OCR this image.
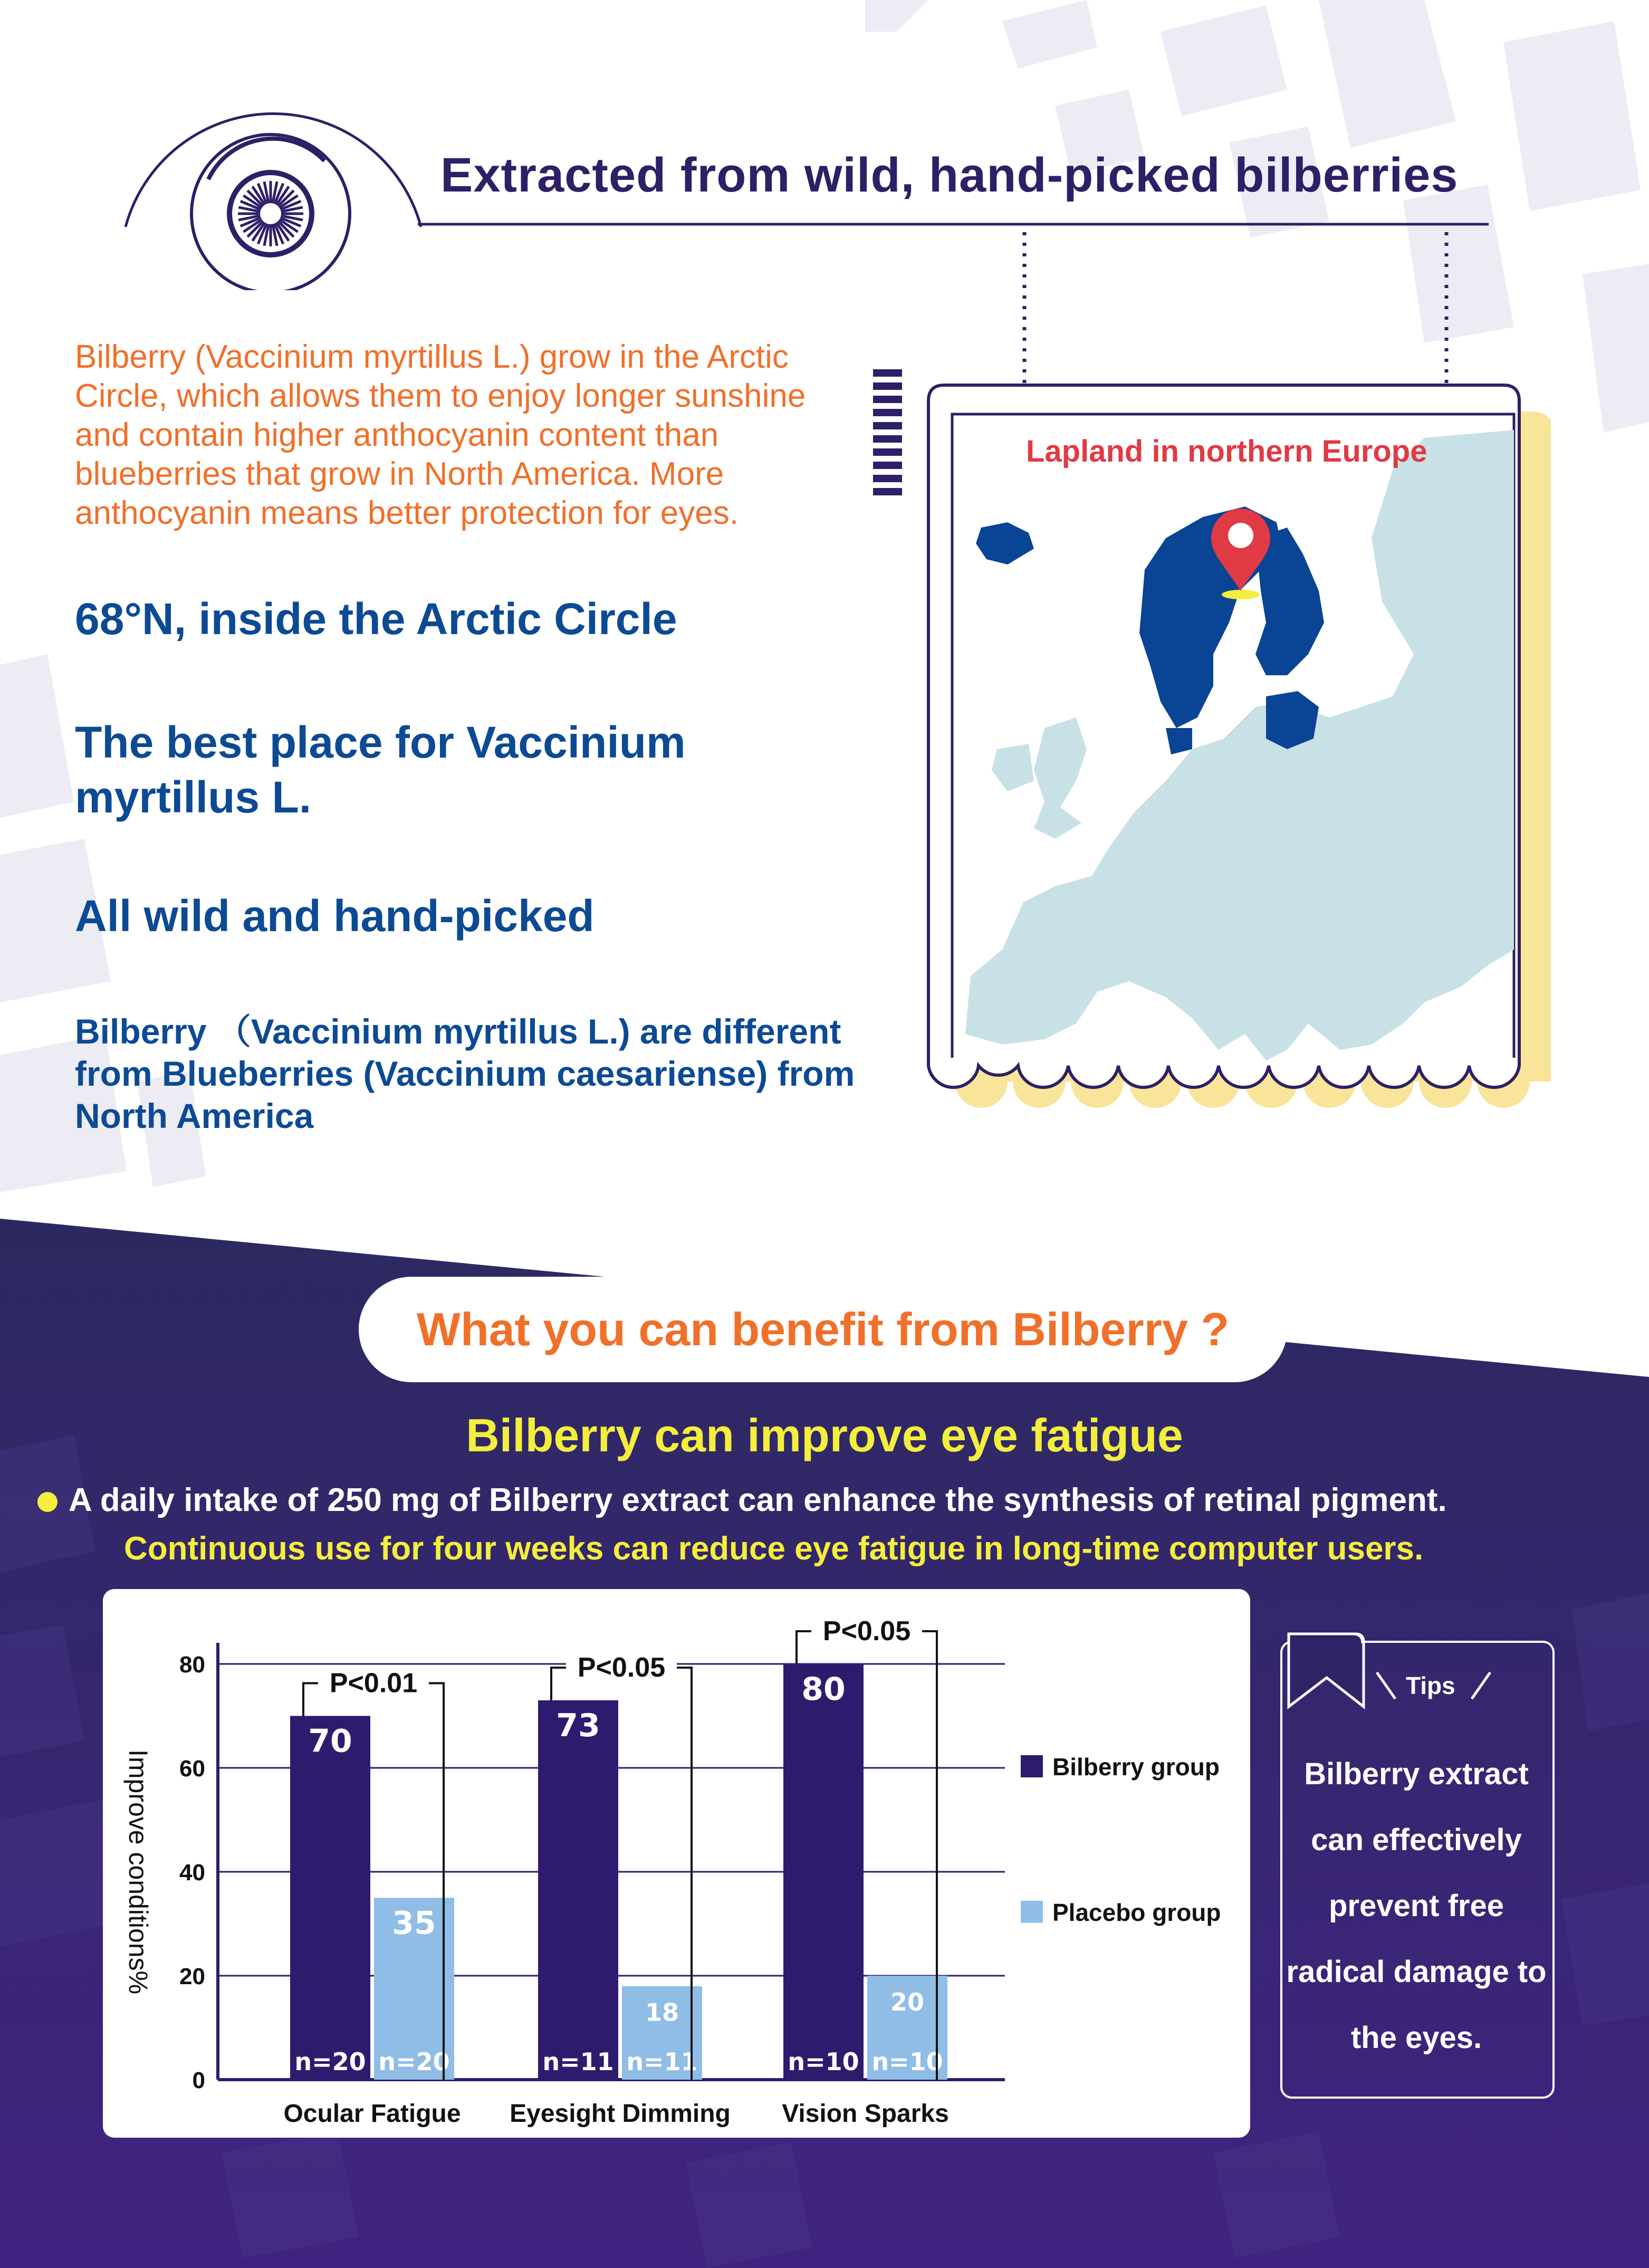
Extracted from wild, hand-picked bilberries

Bilberry (Vaccinium myrtillus L.) grow in the Arctic Circle, which allows them to enjoy longer sunshine and contain higher anthocyanin content than blueberries that grow in North America. More anthocyanin means better protection for eyes.

68°N, inside the Arctic Circle

The best place for Vaccinium myrtillus L.

All wild and hand-picked

Bilberry （Vaccinium myrtillus L.) are different from Blueberries (Vaccinium caesariense) from North America

Lapland in northern Europe
What you can benefit from Bilberry ?
Bilberry can improve eye fatigue
A daily intake of 250 mg of Bilberry extract can enhance the synthesis of retinal pigment.
Continuous use for four weeks can reduce eye fatigue in long-time computer users.
0
20
40
60
80
Improve conditions%
70
35
n=20 n=20
Ocular Fatigue
P<0.01
73
18
n=11 n=11
Eyesight Dimming
P<0.05
80
20
n=10 n=10
Vision Sparks
P<0.05
Bilberry group
Placebo group
Tips

Bilberry extract can effectively prevent free radical damage to the eyes.
